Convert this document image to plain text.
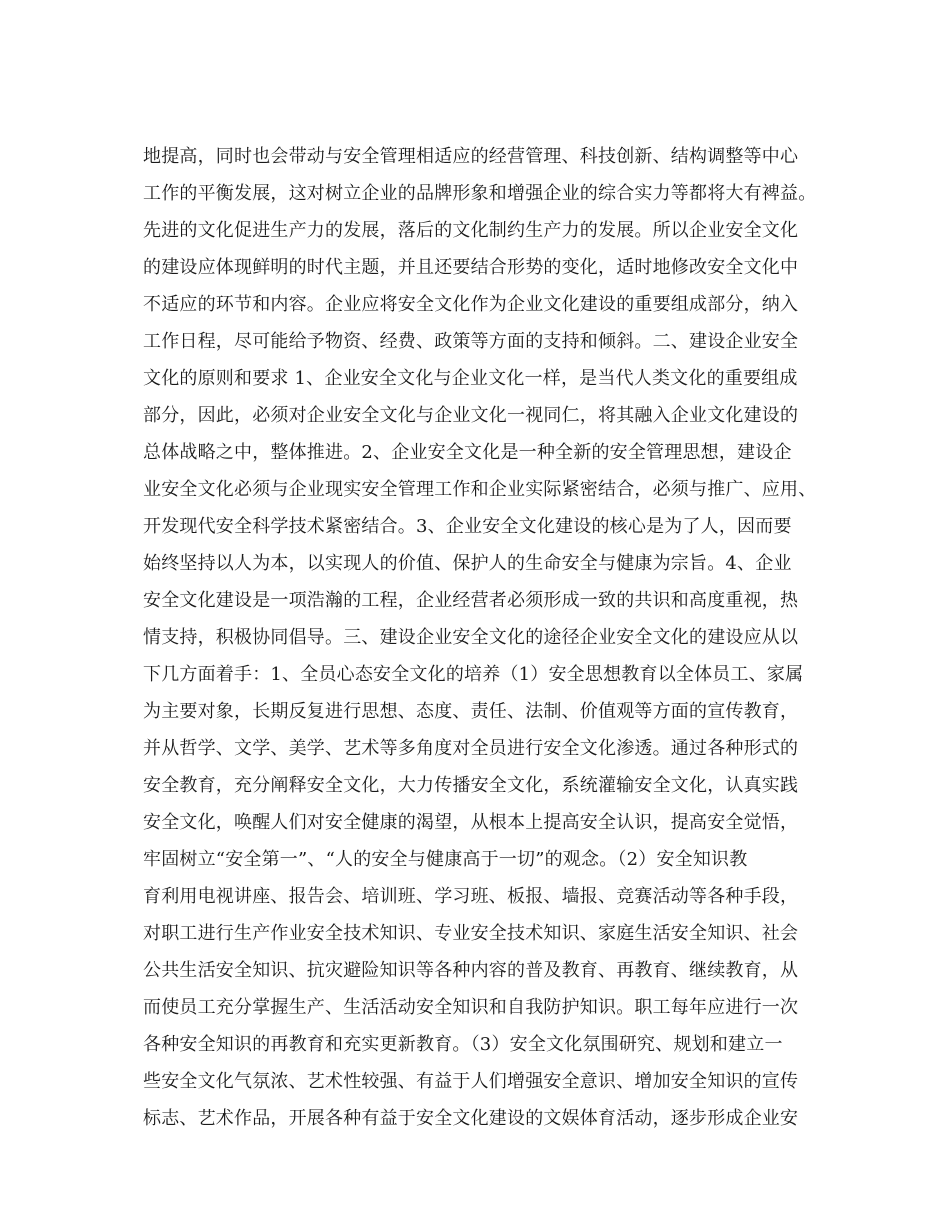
地提高，同时也会带动与安全管理相适应的经营管理、科技创新、结构调整等中心
工作的平衡发展，这对树立企业的品牌形象和增强企业的综合实力等都将大有裨益。
先进的文化促进生产力的发展，落后的文化制约生产力的发展。所以企业安全文化
的建设应体现鲜明的时代主题，并且还要结合形势的变化，适时地修改安全文化中
不适应的环节和内容。企业应将安全文化作为企业文化建设的重要组成部分，纳入
工作日程，尽可能给予物资、经费、政策等方面的支持和倾斜。二、建设企业安全
文化的原则和要求 1、企业安全文化与企业文化一样，是当代人类文化的重要组成
部分，因此，必须对企业安全文化与企业文化一视同仁，将其融入企业文化建设的
总体战略之中，整体推进。2、企业安全文化是一种全新的安全管理思想，建设企
业安全文化必须与企业现实安全管理工作和企业实际紧密结合，必须与推广、应用、
开发现代安全科学技术紧密结合。3、企业安全文化建设的核心是为了人，因而要
始终坚持以人为本，以实现人的价值、保护人的生命安全与健康为宗旨。4、企业
安全文化建设是一项浩瀚的工程，企业经营者必须形成一致的共识和高度重视，热
情支持，积极协同倡导。三、建设企业安全文化的途径企业安全文化的建设应从以
下几方面着手：1、全员心态安全文化的培养（1）安全思想教育以全体员工、家属
为主要对象，长期反复进行思想、态度、责任、法制、价值观等方面的宣传教育，
并从哲学、文学、美学、艺术等多角度对全员进行安全文化渗透。通过各种形式的
安全教育，充分阐释安全文化，大力传播安全文化，系统灌输安全文化，认真实践
安全文化，唤醒人们对安全健康的渴望，从根本上提高安全认识，提高安全觉悟，
牢固树立“安全第一”、“人的安全与健康高于一切”的观念。（2）安全知识教
育利用电视讲座、报告会、培训班、学习班、板报、墙报、竞赛活动等各种手段，
对职工进行生产作业安全技术知识、专业安全技术知识、家庭生活安全知识、社会
公共生活安全知识、抗灾避险知识等各种内容的普及教育、再教育、继续教育，从
而使员工充分掌握生产、生活活动安全知识和自我防护知识。职工每年应进行一次
各种安全知识的再教育和充实更新教育。（3）安全文化氛围研究、规划和建立一
些安全文化气氛浓、艺术性较强、有益于人们增强安全意识、增加安全知识的宣传
标志、艺术作品，开展各种有益于安全文化建设的文娱体育活动，逐步形成企业安
